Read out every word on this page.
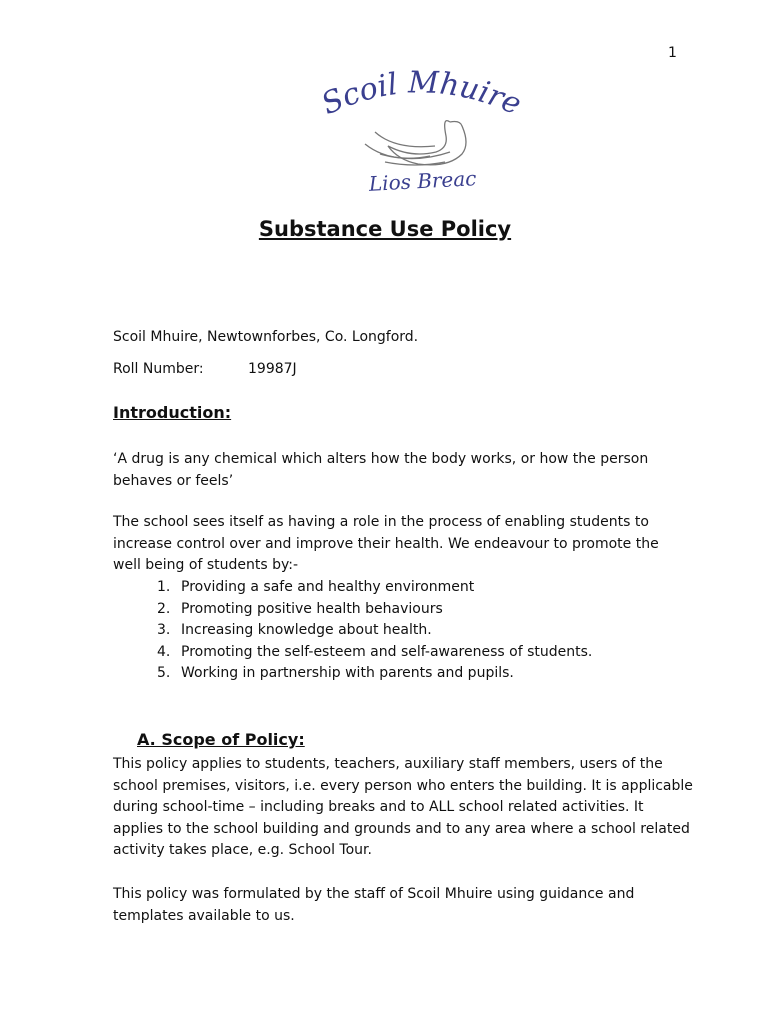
1
Scoil Mhuire
Lios Breac
Substance Use Policy
Scoil Mhuire, Newtownforbes, Co. Longford.
Roll Number:	19987J
Introduction:
‘A drug is any chemical which alters how the body works, or how the person behaves or feels’
The school sees itself as having a role in the process of enabling students to increase control over and improve their health. We endeavour to promote the well being of students by:-
1. Providing a safe and healthy environment
2. Promoting positive health behaviours
3. Increasing knowledge about health.
4. Promoting the self-esteem and self-awareness of students.
5. Working in partnership with parents and pupils.
A. Scope of Policy:
This policy applies to students, teachers, auxiliary staff members, users of the school premises, visitors, i.e. every person who enters the building. It is applicable during school-time – including breaks and to ALL school related activities. It applies to the school building and grounds and to any area where a school related activity takes place, e.g. School Tour.
This policy was formulated by the staff of Scoil Mhuire using guidance and templates available to us.
